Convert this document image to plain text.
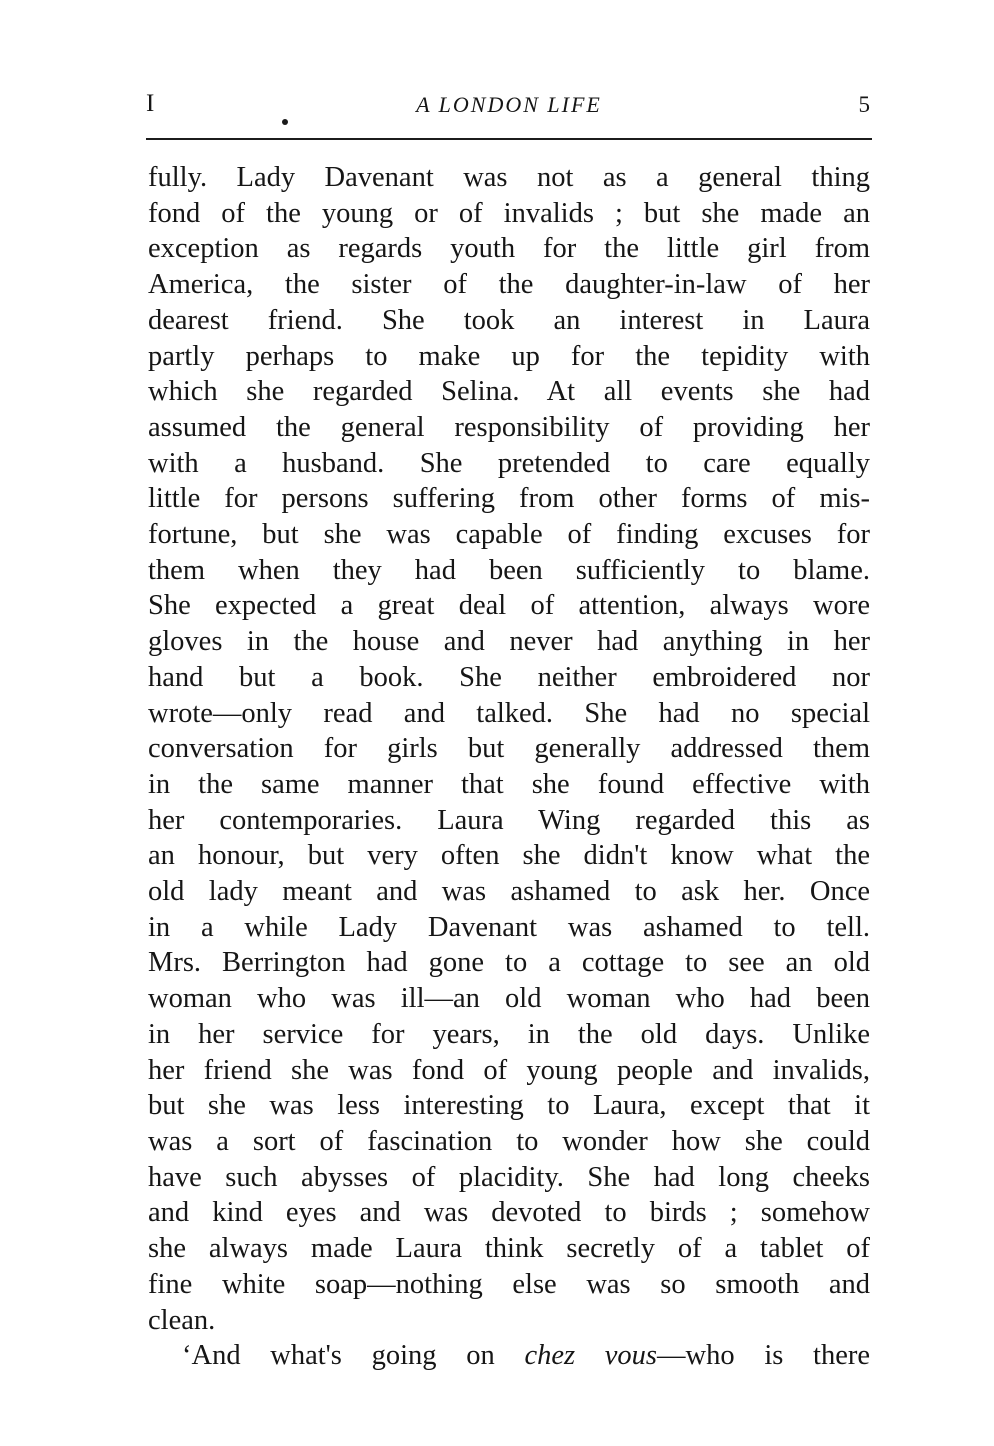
I	A LONDON LIFE	5
fully. Lady Davenant was not as a general thing
fond of the young or of invalids ; but she made an
exception as regards youth for the little girl from
America, the sister of the daughter-in-law of her
dearest friend. She took an interest in Laura
partly perhaps to make up for the tepidity with
which she regarded Selina. At all events she had
assumed the general responsibility of providing her
with a husband. She pretended to care equally
little for persons suffering from other forms of mis-
fortune, but she was capable of finding excuses for
them when they had been sufficiently to blame.
She expected a great deal of attention, always wore
gloves in the house and never had anything in her
hand but a book. She neither embroidered nor
wrote—only read and talked. She had no special
conversation for girls but generally addressed them
in the same manner that she found effective with
her contemporaries. Laura Wing regarded this as
an honour, but very often she didn't know what the
old lady meant and was ashamed to ask her. Once
in a while Lady Davenant was ashamed to tell.
Mrs. Berrington had gone to a cottage to see an old
woman who was ill—an old woman who had been
in her service for years, in the old days. Unlike
her friend she was fond of young people and invalids,
but she was less interesting to Laura, except that it
was a sort of fascination to wonder how she could
have such abysses of placidity. She had long cheeks
and kind eyes and was devoted to birds ; somehow
she always made Laura think secretly of a tablet of
fine white soap—nothing else was so smooth and
clean.
‘And what's going on chez vous—who is there
